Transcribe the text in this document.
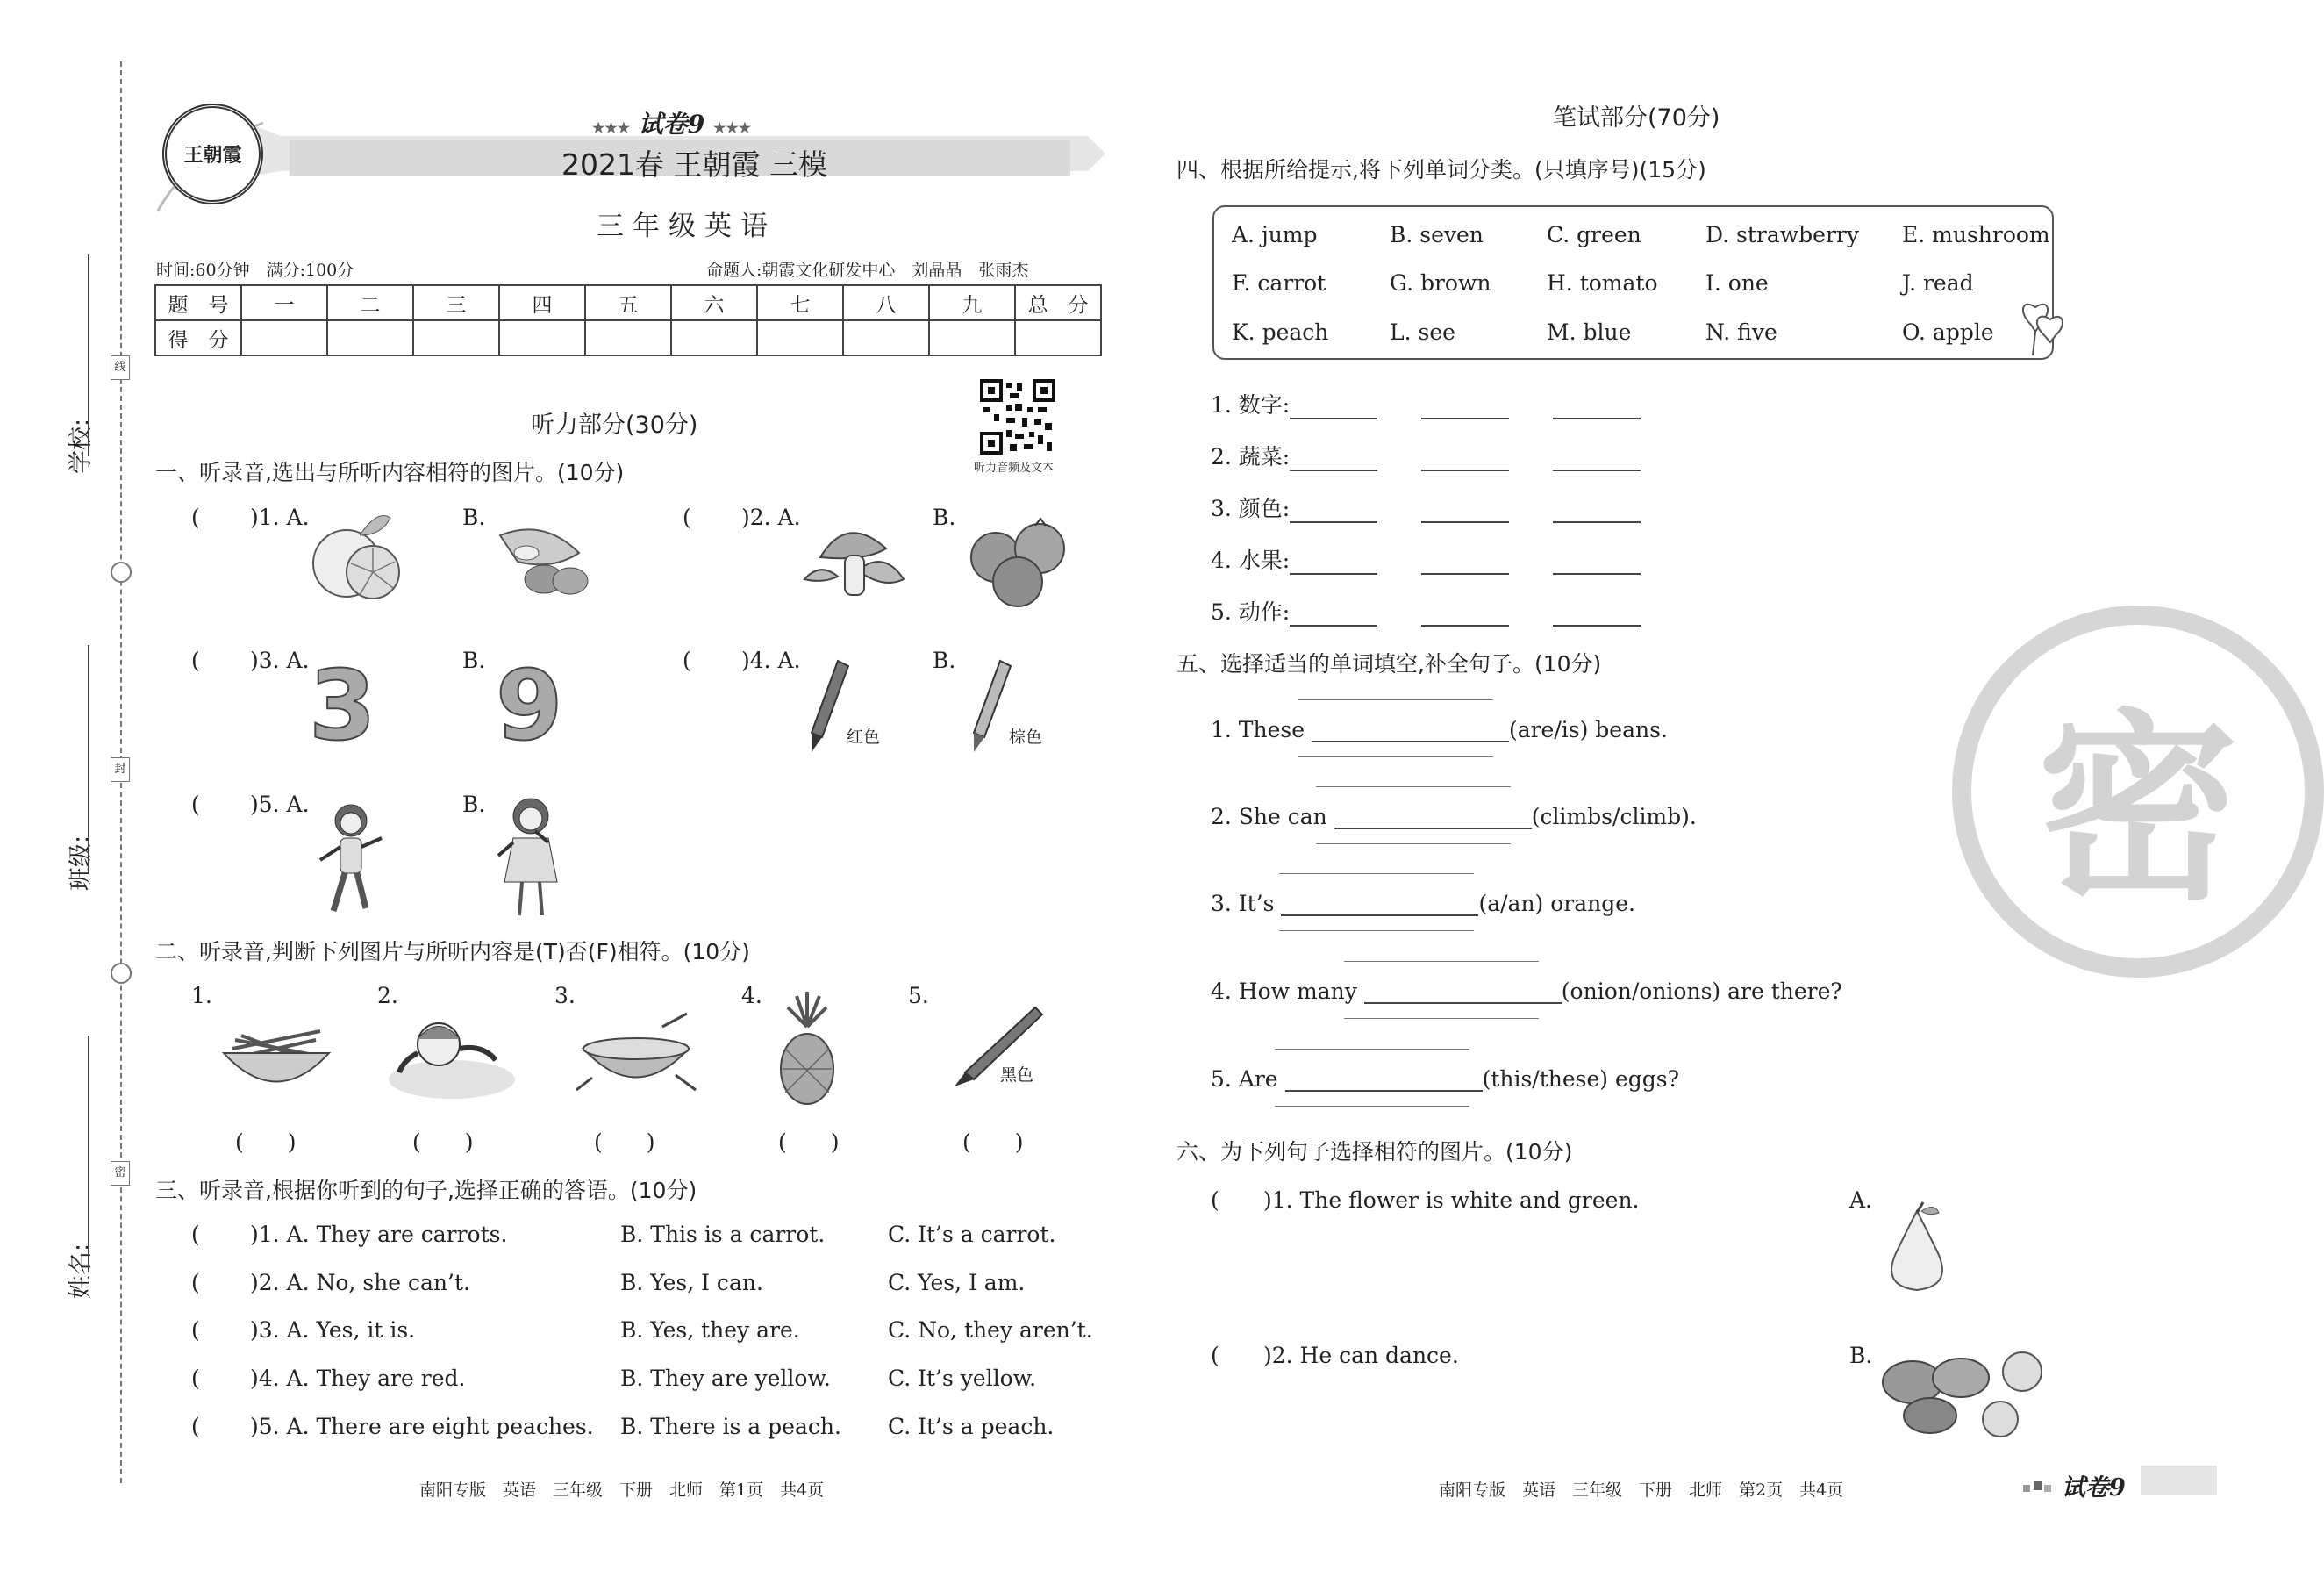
学校:
班级:
姓名:
线
封
密
王朝霞
★★★ 试卷9 ★★★
2021春 王朝霞 三模
三年级英语
时间:60分钟　满分:100分	命题人:朝霞文化研发中心　刘晶晶　张雨杰
题　号	一	二	三	四	五	六	七	八	九	总　分
得　分										
听力音频及文本
听力部分(30分)
一、听录音,选出与所听内容相符的图片。(10分)
( )1. A.	B.	( )2. A.	B.
( )3. A.	B.
3 9	( )4. A.	B.
红色	棕色
( )5. A.	B.
二、听录音,判断下列图片与所听内容是(T)否(F)相符。(10分)
1.	2.	3.	4.	5.
黑色
(　　)	(　　)	(　　)	(　　)	(　　)
三、听录音,根据你听到的句子,选择正确的答语。(10分)
( )1. A. They are carrots.	B. This is a carrot.	C. It’s a carrot.
( )2. A. No, she can’t.	B. Yes, I can.	C. Yes, I am.
( )3. A. Yes, it is.	B. Yes, they are.	C. No, they aren’t.
( )4. A. They are red.	B. They are yellow.	C. It’s yellow.
( )5. A. There are eight peaches. B. There is a peach. C. It’s a peach.
南阳专版　英语　三年级　下册　北师　第1页　共4页
笔试部分(70分)
四、根据所给提示,将下列单词分类。(只填序号)(15分)
A. jump	B. seven	C. green	D. strawberry E. mushroom
F. carrot	G. brown	H. tomato I. one	J. read
K. peach	L. see	M. blue	N. five	O. apple
1. 数字:
2. 蔬菜:
3. 颜色:
4. 水果:
5. 动作:
五、选择适当的单词填空,补全句子。(10分)
1. These	(are/is) beans.
2. She can	(climbs/climb).
3. It’s	(a/an) orange.
4. How many	(onion/onions) are there?
5. Are	(this/these) eggs?
六、为下列句子选择相符的图片。(10分)
( )1. The flower is white and green.	A.
( )2. He can dance.	B.
南阳专版　英语　三年级　下册　北师　第2页　共4页	试卷9
密
